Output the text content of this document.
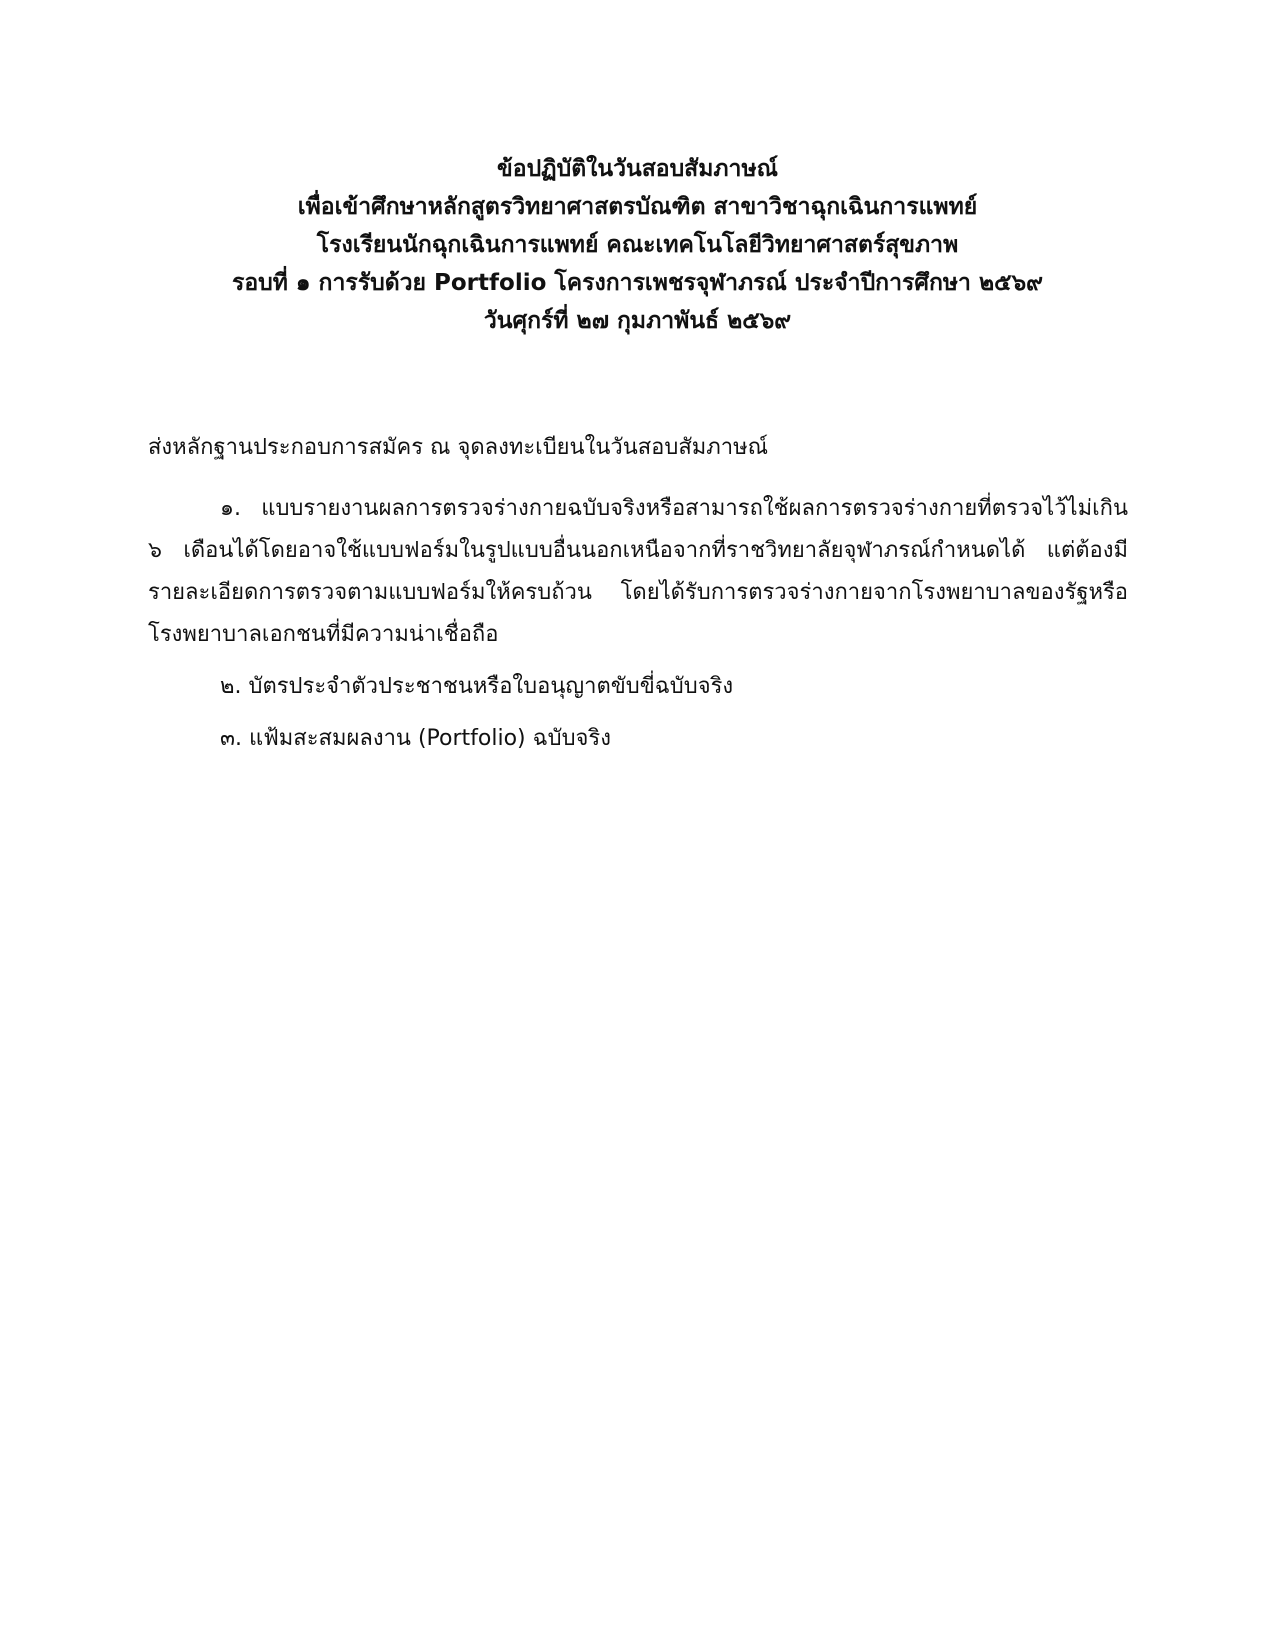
ข้อปฏิบัติในวันสอบสัมภาษณ์
เพื่อเข้าศึกษาหลักสูตรวิทยาศาสตรบัณฑิต สาขาวิชาฉุกเฉินการแพทย์
โรงเรียนนักฉุกเฉินการแพทย์ คณะเทคโนโลยีวิทยาศาสตร์สุขภาพ
รอบที่ ๑ การรับด้วย Portfolio โครงการเพชรจุฬาภรณ์ ประจำปีการศึกษา ๒๕๖๙
วันศุกร์ที่ ๒๗ กุมภาพันธ์ ๒๕๖๙

ส่งหลักฐานประกอบการสมัคร ณ จุดลงทะเบียนในวันสอบสัมภาษณ์

๑. แบบรายงานผลการตรวจร่างกายฉบับจริงหรือสามารถใช้ผลการตรวจร่างกายที่ตรวจไว้ไม่เกิน ๖ เดือนได้โดยอาจใช้แบบฟอร์มในรูปแบบอื่นนอกเหนือจากที่ราชวิทยาลัยจุฬาภรณ์กำหนดได้ แต่ต้องมีรายละเอียดการตรวจตามแบบฟอร์มให้ครบถ้วน โดยได้รับการตรวจร่างกายจากโรงพยาบาลของรัฐหรือโรงพยาบาลเอกชนที่มีความน่าเชื่อถือ

๒. บัตรประจำตัวประชาชนหรือใบอนุญาตขับขี่ฉบับจริง

๓. แฟ้มสะสมผลงาน (Portfolio) ฉบับจริง
